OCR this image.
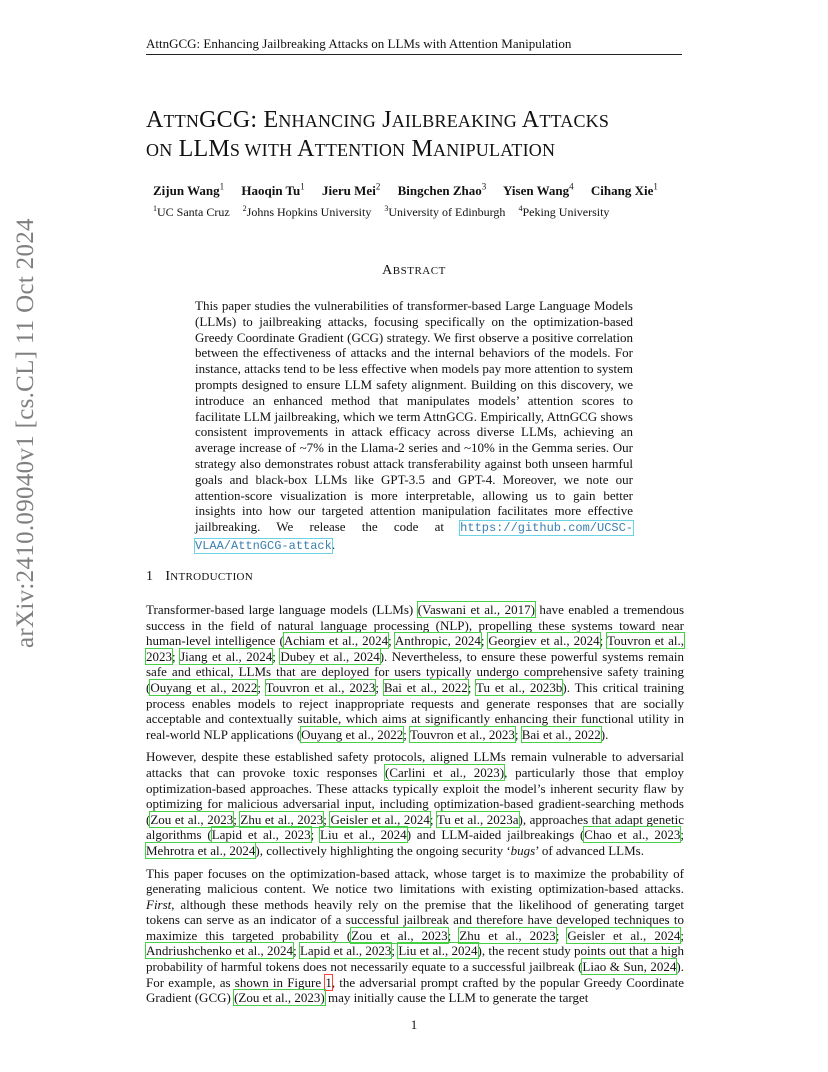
AttnGCG: Enhancing Jailbreaking Attacks on LLMs with Attention Manipulation
arXiv:2410.09040v1 [cs.CL] 11 Oct 2024
ATTNGCG: ENHANCING JAILBREAKING ATTACKS
ON LLMS WITH ATTENTION MANIPULATION
Zijun Wang$^1$ Haoqin Tu$^1$ Jieru Mei$^2$ Bingchen Zhao$^3$ Yisen Wang$^4$ Cihang Xie$^1$
$^1$UC Santa Cruz $^2$Johns Hopkins University $^3$University of Edinburgh $^4$Peking University
ABSTRACT
This paper studies the vulnerabilities of transformer-based Large Language Models (LLMs) to jailbreaking attacks, focusing specifically on the optimization-based Greedy Coordinate Gradient (GCG) strategy. We first observe a positive correlation between the effectiveness of attacks and the internal behaviors of the models. For instance, attacks tend to be less effective when models pay more attention to system prompts designed to ensure LLM safety alignment. Building on this discovery, we introduce an enhanced method that manipulates models’ attention scores to facilitate LLM jailbreaking, which we term AttnGCG. Empirically, AttnGCG shows consistent improvements in attack efficacy across diverse LLMs, achieving an average increase of ~7% in the Llama-2 series and ~10% in the Gemma series. Our strategy also demonstrates robust attack transferability against both unseen harmful goals and black-box LLMs like GPT-3.5 and GPT-4. Moreover, we note our attention-score visualization is more interpretable, allowing us to gain better insights into how our targeted attention manipulation facilitates more effective jailbreaking. We release the code at https://github.com/UCSC-VLAA/AttnGCG-attack.
1 INTRODUCTION

Transformer-based large language models (LLMs) (Vaswani et al., 2017) have enabled a tremendous success in the field of natural language processing (NLP), propelling these systems toward near human-level intelligence (Achiam et al., 2024; Anthropic, 2024; Georgiev et al., 2024; Touvron et al., 2023; Jiang et al., 2024; Dubey et al., 2024). Nevertheless, to ensure these powerful systems remain safe and ethical, LLMs that are deployed for users typically undergo comprehensive safety training (Ouyang et al., 2022; Touvron et al., 2023; Bai et al., 2022; Tu et al., 2023b). This critical training process enables models to reject inappropriate requests and generate responses that are socially acceptable and contextually suitable, which aims at significantly enhancing their functional utility in real-world NLP applications (Ouyang et al., 2022; Touvron et al., 2023; Bai et al., 2022).

However, despite these established safety protocols, aligned LLMs remain vulnerable to adversarial attacks that can provoke toxic responses (Carlini et al., 2023), particularly those that employ optimization-based approaches. These attacks typically exploit the model’s inherent security flaw by optimizing for malicious adversarial input, including optimization-based gradient-searching methods (Zou et al., 2023; Zhu et al., 2023; Geisler et al., 2024; Tu et al., 2023a), approaches that adapt genetic algorithms (Lapid et al., 2023; Liu et al., 2024) and LLM-aided jailbreakings (Chao et al., 2023; Mehrotra et al., 2024), collectively highlighting the ongoing security ‘bugs’ of advanced LLMs.

This paper focuses on the optimization-based attack, whose target is to maximize the probability of generating malicious content. We notice two limitations with existing optimization-based attacks. First, although these methods heavily rely on the premise that the likelihood of generating target tokens can serve as an indicator of a successful jailbreak and therefore have developed techniques to maximize this targeted probability (Zou et al., 2023; Zhu et al., 2023; Geisler et al., 2024; Andriushchenko et al., 2024; Lapid et al., 2023; Liu et al., 2024), the recent study points out that a high probability of harmful tokens does not necessarily equate to a successful jailbreak (Liao & Sun, 2024). For example, as shown in Figure 1, the adversarial prompt crafted by the popular Greedy Coordinate Gradient (GCG) (Zou et al., 2023) may initially cause the LLM to generate the target

1
